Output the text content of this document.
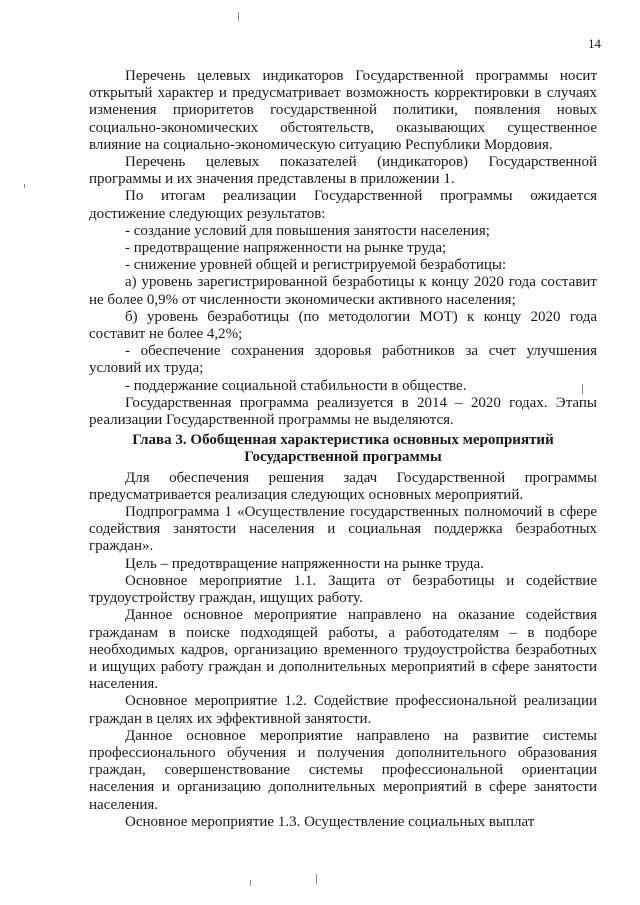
14

Перечень целевых индикаторов Государственной программы носит открытый характер и предусматривает возможность корректировки в случаях изменения приоритетов государственной политики, появления новых социально-экономических обстоятельств, оказывающих существенное влияние на социально-экономическую ситуацию Республики Мордовия.

Перечень целевых показателей (индикаторов) Государственной программы и их значения представлены в приложении 1.

По итогам реализации Государственной программы ожидается достижение следующих результатов:

- создание условий для повышения занятости населения;

- предотвращение напряженности на рынке труда;

- снижение уровней общей и регистрируемой безработицы:

а) уровень зарегистрированной безработицы к концу 2020 года составит не более 0,9% от численности экономически активного населения;

б) уровень безработицы (по методологии МОТ) к концу 2020 года составит не более 4,2%;

- обеспечение сохранения здоровья работников за счет улучшения условий их труда;

- поддержание социальной стабильности в обществе.

Государственная программа реализуется в 2014 – 2020 годах. Этапы реализации Государственной программы не выделяются.

Глава 3. Обобщенная характеристика основных мероприятий
Государственной программы

Для обеспечения решения задач Государственной программы предусматривается реализация следующих основных мероприятий.

Подпрограмма 1 «Осуществление государственных полномочий в сфере содействия занятости населения и социальная поддержка безработных граждан».

Цель – предотвращение напряженности на рынке труда.

Основное мероприятие 1.1. Защита от безработицы и содействие трудоустройству граждан, ищущих работу.

Данное основное мероприятие направлено на оказание содействия гражданам в поиске подходящей работы, а работодателям – в подборе необходимых кадров, организацию временного трудоустройства безработных и ищущих работу граждан и дополнительных мероприятий в сфере занятости населения.

Основное мероприятие 1.2. Содействие профессиональной реализации граждан в целях их эффективной занятости.

Данное основное мероприятие направлено на развитие системы профессионального обучения и получения дополнительного образования граждан, совершенствование системы профессиональной ориентации населения и организацию дополнительных мероприятий в сфере занятости населения.

Основное мероприятие 1.3. Осуществление социальных выплат
